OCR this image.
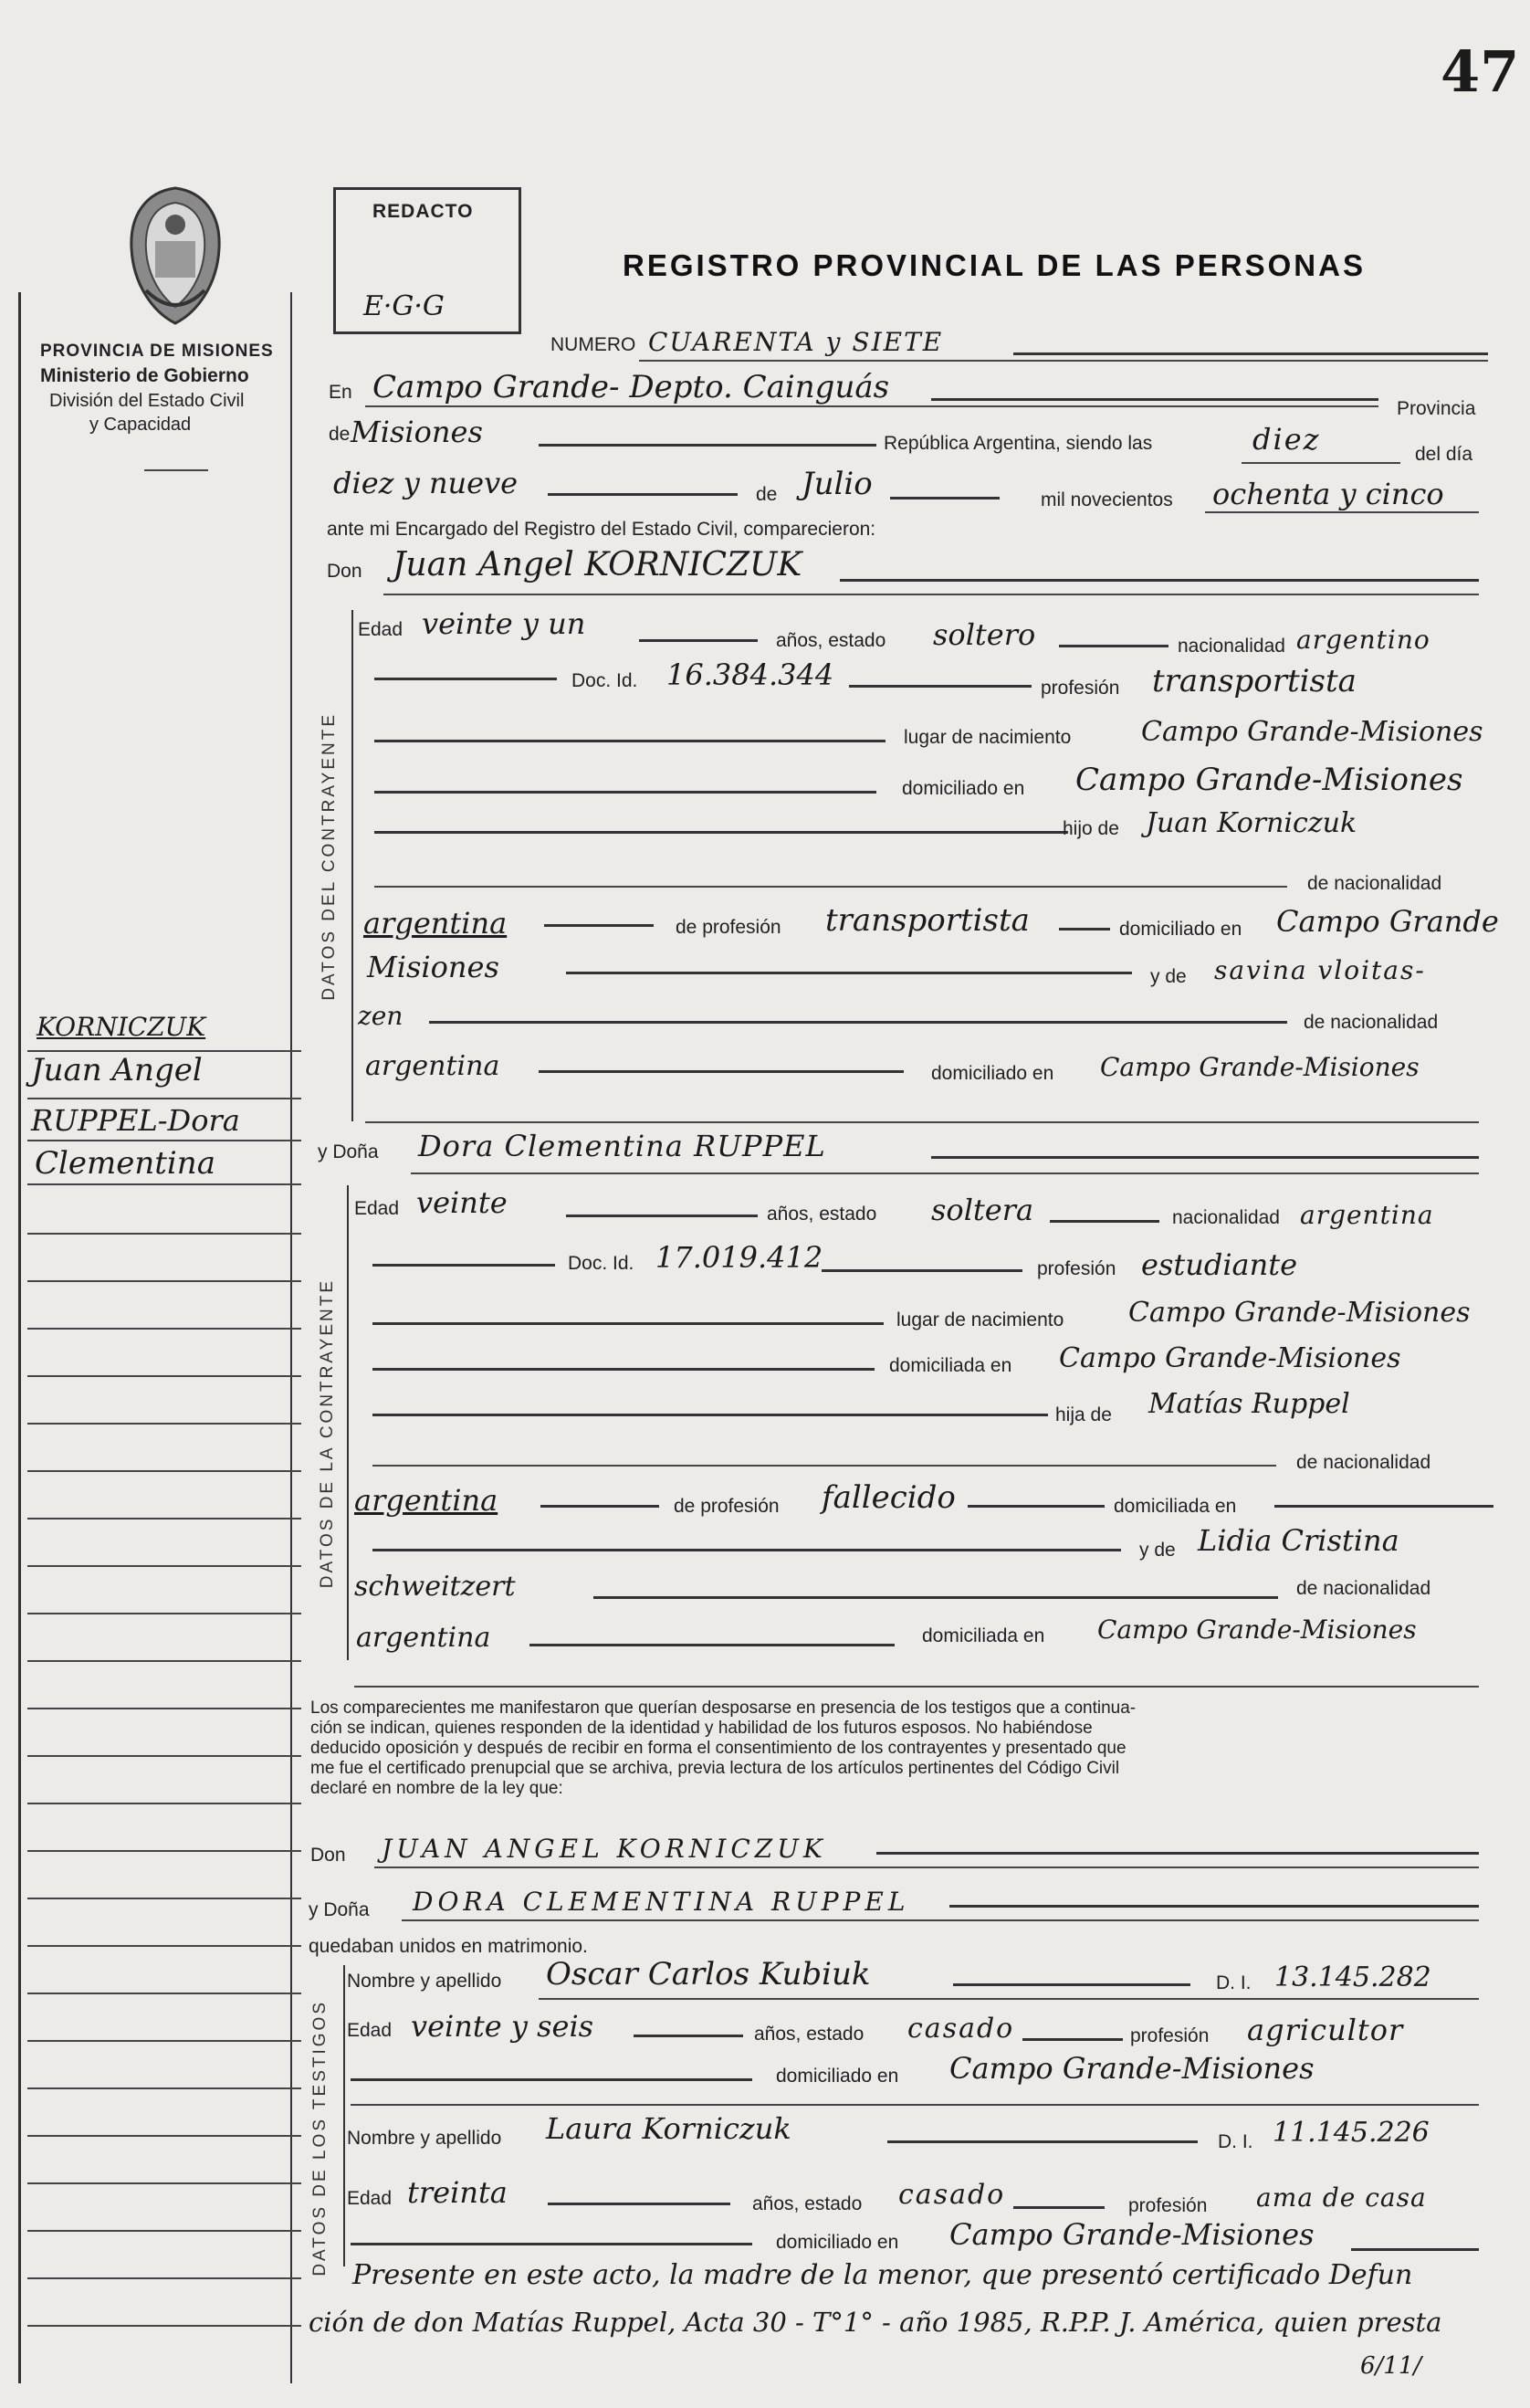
47
PROVINCIA DE MISIONES
Ministerio de Gobierno
División del Estado Civil
y Capacidad
KORNICZUK
Juan Angel
RUPPEL-Dora
Clementina
REDACTO
E·G·G
REGISTRO PROVINCIAL DE LAS PERSONAS
NUMERO CUARENTA y SIETE
En Campo Grande- Depto. Cainguás
Provincia
de Misiones	República Argentina, siendo las	diez	del día
diez y nueve	de Julio	mil novecientos ochenta y cinco
ante mi Encargado del Registro del Estado Civil, comparecieron:
Don Juan Angel KORNICZUK
DATOS DEL CONTRAYENTE
Edad veinte y un	años, estado soltero	nacionalidad argentino
Doc. Id. 16.384.344	profesión transportista
lugar de nacimiento	Campo Grande-Misiones
domiciliado en Campo Grande-Misiones
hijo de Juan Korniczuk
de nacionalidad
argentina	de profesión transportista	domiciliado en Campo Grande
Misiones	y de savina vloitas-
zen	de nacionalidad
argentina	domiciliado en Campo Grande-Misiones
y Doña Dora Clementina RUPPEL
DATOS DE LA CONTRAYENTE
Edad veinte	años, estado soltera	nacionalidad argentina
Doc. Id. 17.019.412	profesión estudiante
lugar de nacimiento Campo Grande-Misiones
domiciliada en Campo Grande-Misiones
hija de Matías Ruppel
de nacionalidad
argentina	de profesión fallecido	domiciliada en
y de Lidia Cristina
schweitzert	de nacionalidad
argentina	domiciliada en Campo Grande-Misiones
Los comparecientes me manifestaron que querían desposarse en presencia de los testigos que a continua-
ción se indican, quienes responden de la identidad y habilidad de los futuros esposos. No habiéndose
deducido oposición y después de recibir en forma el consentimiento de los contrayentes y presentado que
me fue el certificado prenupcial que se archiva, previa lectura de los artículos pertinentes del Código Civil
declaré en nombre de la ley que:
Don JUAN ANGEL KORNICZUK
y Doña DORA CLEMENTINA RUPPEL
quedaban unidos en matrimonio.
DATOS DE LOS TESTIGOS
Nombre y apellido Oscar Carlos Kubiuk	D. I. 13.145.282
Edad veinte y seis	años, estado casado	profesión agricultor
domiciliado en Campo Grande-Misiones
Nombre y apellido Laura Korniczuk	D. I. 11.145.226
Edad treinta	años, estado casado	profesión ama de casa
domiciliado en Campo Grande-Misiones
Presente en este acto, la madre de la menor, que presentó certificado Defun
ción de don Matías Ruppel, Acta 30 - T°1° - año 1985, R.P.P. J. América, quien presta
6/11/
